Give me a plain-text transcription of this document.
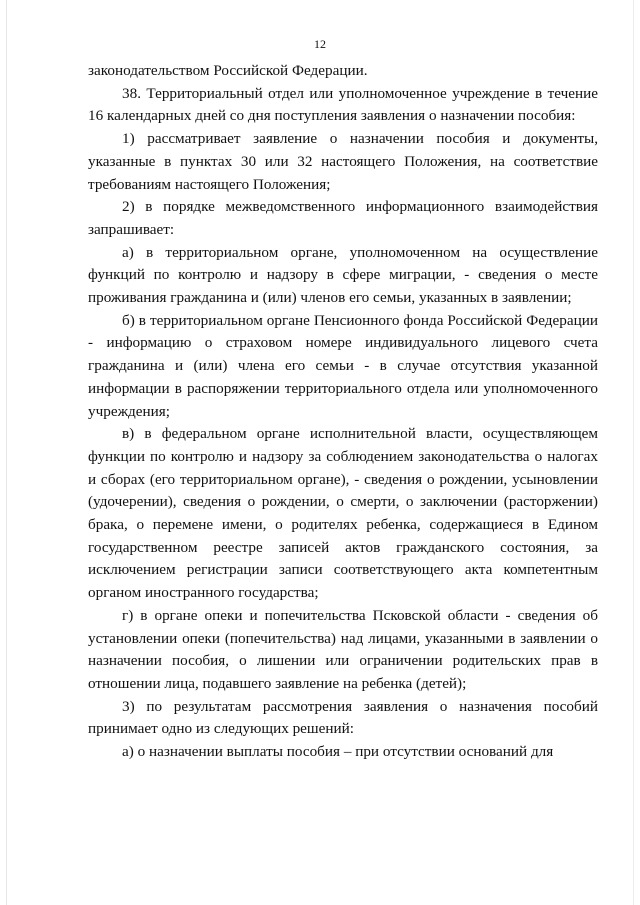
12

законодательством Российской Федерации.

38. Территориальный отдел или уполномоченное учреждение в течение 16 календарных дней со дня поступления заявления о назначении пособия:

1) рассматривает заявление о назначении пособия и документы, указанные в пунктах 30 или 32 настоящего Положения, на соответствие требованиям настоящего Положения;

2) в порядке межведомственного информационного взаимодействия запрашивает:

а) в территориальном органе, уполномоченном на осуществление функций по контролю и надзору в сфере миграции, - сведения о месте проживания гражданина и (или) членов его семьи, указанных в заявлении;

б) в территориальном органе Пенсионного фонда Российской Федерации - информацию о страховом номере индивидуального лицевого счета гражданина и (или) члена его семьи - в случае отсутствия указанной информации в распоряжении территориального отдела или уполномоченного учреждения;

в) в федеральном органе исполнительной власти, осуществляющем функции по контролю и надзору за соблюдением законодательства о налогах и сборах (его территориальном органе), - сведения о рождении, усыновлении (удочерении), сведения о рождении, о смерти, о заключении (расторжении) брака, о перемене имени, о родителях ребенка, содержащиеся в Едином государственном реестре записей актов гражданского состояния, за исключением регистрации записи соответствующего акта компетентным органом иностранного государства;

г) в органе опеки и попечительства Псковской области - сведения об установлении опеки (попечительства) над лицами, указанными в заявлении о назначении пособия, о лишении или ограничении родительских прав в отношении лица, подавшего заявление на ребенка (детей);

3) по результатам рассмотрения заявления о назначения пособий принимает одно из следующих решений:

а) о назначении выплаты пособия – при отсутствии оснований для
